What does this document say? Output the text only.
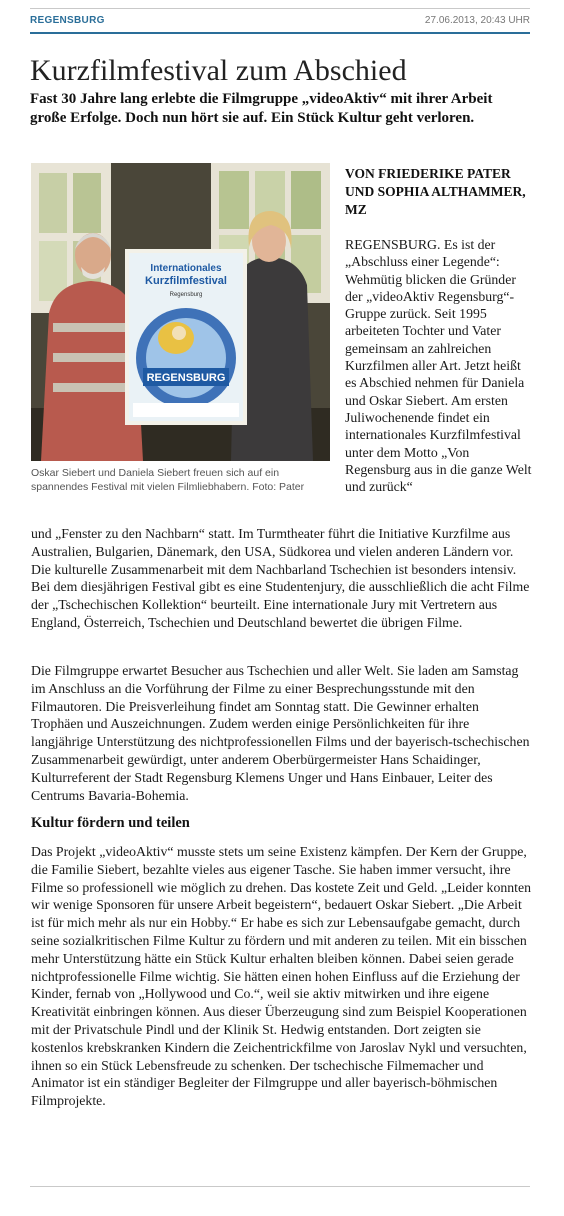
REGENSBURG	27.06.2013, 20:43 UHR
Kurzfilmfestival zum Abschied

Fast 30 Jahre lang erlebte die Filmgruppe „videoAktiv“ mit ihrer Arbeit große Erfolge. Doch nun hört sie auf. Ein Stück Kultur geht verloren.

Internationales
Kurzfilmfestival
Regensburg
REGENSBURG

Oskar Siebert und Daniela Siebert freuen sich auf ein spannendes Festival mit vielen Filmliebhabern. Foto: Pater

VON FRIEDERIKE PATER UND SOPHIA ALTHAMMER, MZ

REGENSBURG. Es ist der „Abschluss einer Legende“: Wehmütig blicken die Gründer der „videoAktiv Regensburg“-Gruppe zurück. Seit 1995 arbeiteten Tochter und Vater gemeinsam an zahlreichen Kurzfilmen aller Art. Jetzt heißt es Abschied nehmen für Daniela und Oskar Siebert. Am ersten Juliwochenende findet ein internationales Kurzfilmfestival unter dem Motto „Von Regensburg aus in die ganze Welt und zurück“

und „Fenster zu den Nachbarn“ statt. Im Turmtheater führt die Initiative Kurzfilme aus Australien, Bulgarien, Dänemark, den USA, Südkorea und vielen anderen Ländern vor. Die kulturelle Zusammenarbeit mit dem Nachbarland Tschechien ist besonders intensiv. Bei dem diesjährigen Festival gibt es eine Studentenjury, die ausschließlich die acht Filme der „Tschechischen Kollektion“ beurteilt. Eine internationale Jury mit Vertretern aus England, Österreich, Tschechien und Deutschland bewertet die übrigen Filme.

Die Filmgruppe erwartet Besucher aus Tschechien und aller Welt. Sie laden am Samstag im Anschluss an die Vorführung der Filme zu einer Besprechungsstunde mit den Filmautoren. Die Preisverleihung findet am Sonntag statt. Die Gewinner erhalten Trophäen und Auszeichnungen. Zudem werden einige Persönlichkeiten für ihre langjährige Unterstützung des nichtprofessionellen Films und der bayerisch-tschechischen Zusammenarbeit gewürdigt, unter anderem Oberbürgermeister Hans Schaidinger, Kulturreferent der Stadt Regensburg Klemens Unger und Hans Einbauer, Leiter des Centrums Bavaria-Bohemia.

Kultur fördern und teilen

Das Projekt „videoAktiv“ musste stets um seine Existenz kämpfen. Der Kern der Gruppe, die Familie Siebert, bezahlte vieles aus eigener Tasche. Sie haben immer versucht, ihre Filme so professionell wie möglich zu drehen. Das kostete Zeit und Geld. „Leider konnten wir wenige Sponsoren für unsere Arbeit begeistern“, bedauert Oskar Siebert. „Die Arbeit ist für mich mehr als nur ein Hobby.“ Er habe es sich zur Lebensaufgabe gemacht, durch seine sozialkritischen Filme Kultur zu fördern und mit anderen zu teilen. Mit ein bisschen mehr Unterstützung hätte ein Stück Kultur erhalten bleiben können. Dabei seien gerade nichtprofessionelle Filme wichtig. Sie hätten einen hohen Einfluss auf die Erziehung der Kinder, fernab von „Hollywood und Co.“, weil sie aktiv mitwirken und ihre eigene Kreativität einbringen können. Aus dieser Überzeugung sind zum Beispiel Kooperationen mit der Privatschule Pindl und der Klinik St. Hedwig entstanden. Dort zeigten sie kostenlos krebskranken Kindern die Zeichentrickfilme von Jaroslav Nykl und versuchten, ihnen so ein Stück Lebensfreude zu schenken. Der tschechische Filmemacher und Animator ist ein ständiger Begleiter der Filmgruppe und aller bayerisch-böhmischen Filmprojekte.
